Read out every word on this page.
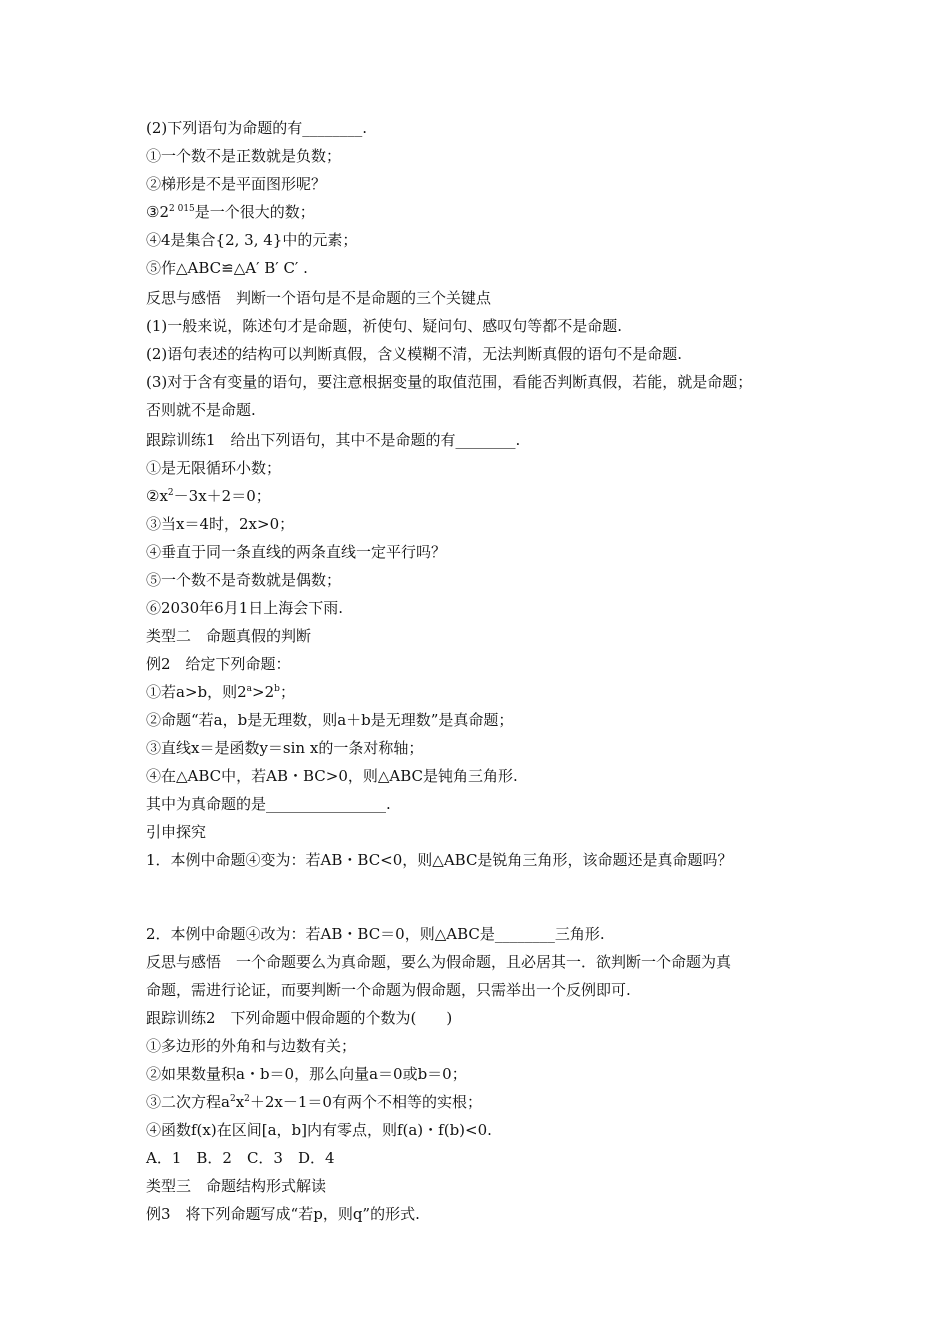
(2)下列语句为命题的有________.
①一个数不是正数就是负数；
②梯形是不是平面图形呢？
$③2^{2 015}$是一个很大的数；
④4是集合{2, 3, 4}中的元素；
⑤作△ABC≌△A′ B′ C′ .
反思与感悟　判断一个语句是不是命题的三个关键点
(1)一般来说，陈述句才是命题，祈使句、疑问句、感叹句等都不是命题.
(2)语句表述的结构可以判断真假，含义模糊不清，无法判断真假的语句不是命题.
(3)对于含有变量的语句，要注意根据变量的取值范围，看能否判断真假，若能，就是命题；
否则就不是命题.
跟踪训练1　给出下列语句，其中不是命题的有________.
①是无限循环小数；
$②x^2-3x+2=0$；
③当x＝4时，2x>0；
④垂直于同一条直线的两条直线一定平行吗？
⑤一个数不是奇数就是偶数；
⑥2030年6月1日上海会下雨.
类型二　命题真假的判断
例2　给定下列命题：
①若a>b，则$2^a>2^b$；
②命题“若a，b是无理数，则a＋b是无理数”是真命题；
③直线x＝是函数y＝sin x的一条对称轴；
④在△ABC中，若AB・BC>0，则△ABC是钝角三角形.
其中为真命题的是________________.
引申探究
1．本例中命题④变为：若AB・BC<0，则△ABC是锐角三角形，该命题还是真命题吗？
2．本例中命题④改为：若AB・BC＝0，则△ABC是________三角形.
反思与感悟　一个命题要么为真命题，要么为假命题，且必居其一．欲判断一个命题为真
命题，需进行论证，而要判断一个命题为假命题，只需举出一个反例即可.
跟踪训练2　下列命题中假命题的个数为(　　)
①多边形的外角和与边数有关；
②如果数量积a・b＝0，那么向量a＝0或b＝0；
③二次方程$a^2x^2+2x-1=0$有两个不相等的实根；
④函数f(x)在区间[a，b]内有零点，则f(a)・f(b)<0.
A．1　B．2　C．3　D．4
类型三　命题结构形式解读
例3　将下列命题写成“若p，则q”的形式.
